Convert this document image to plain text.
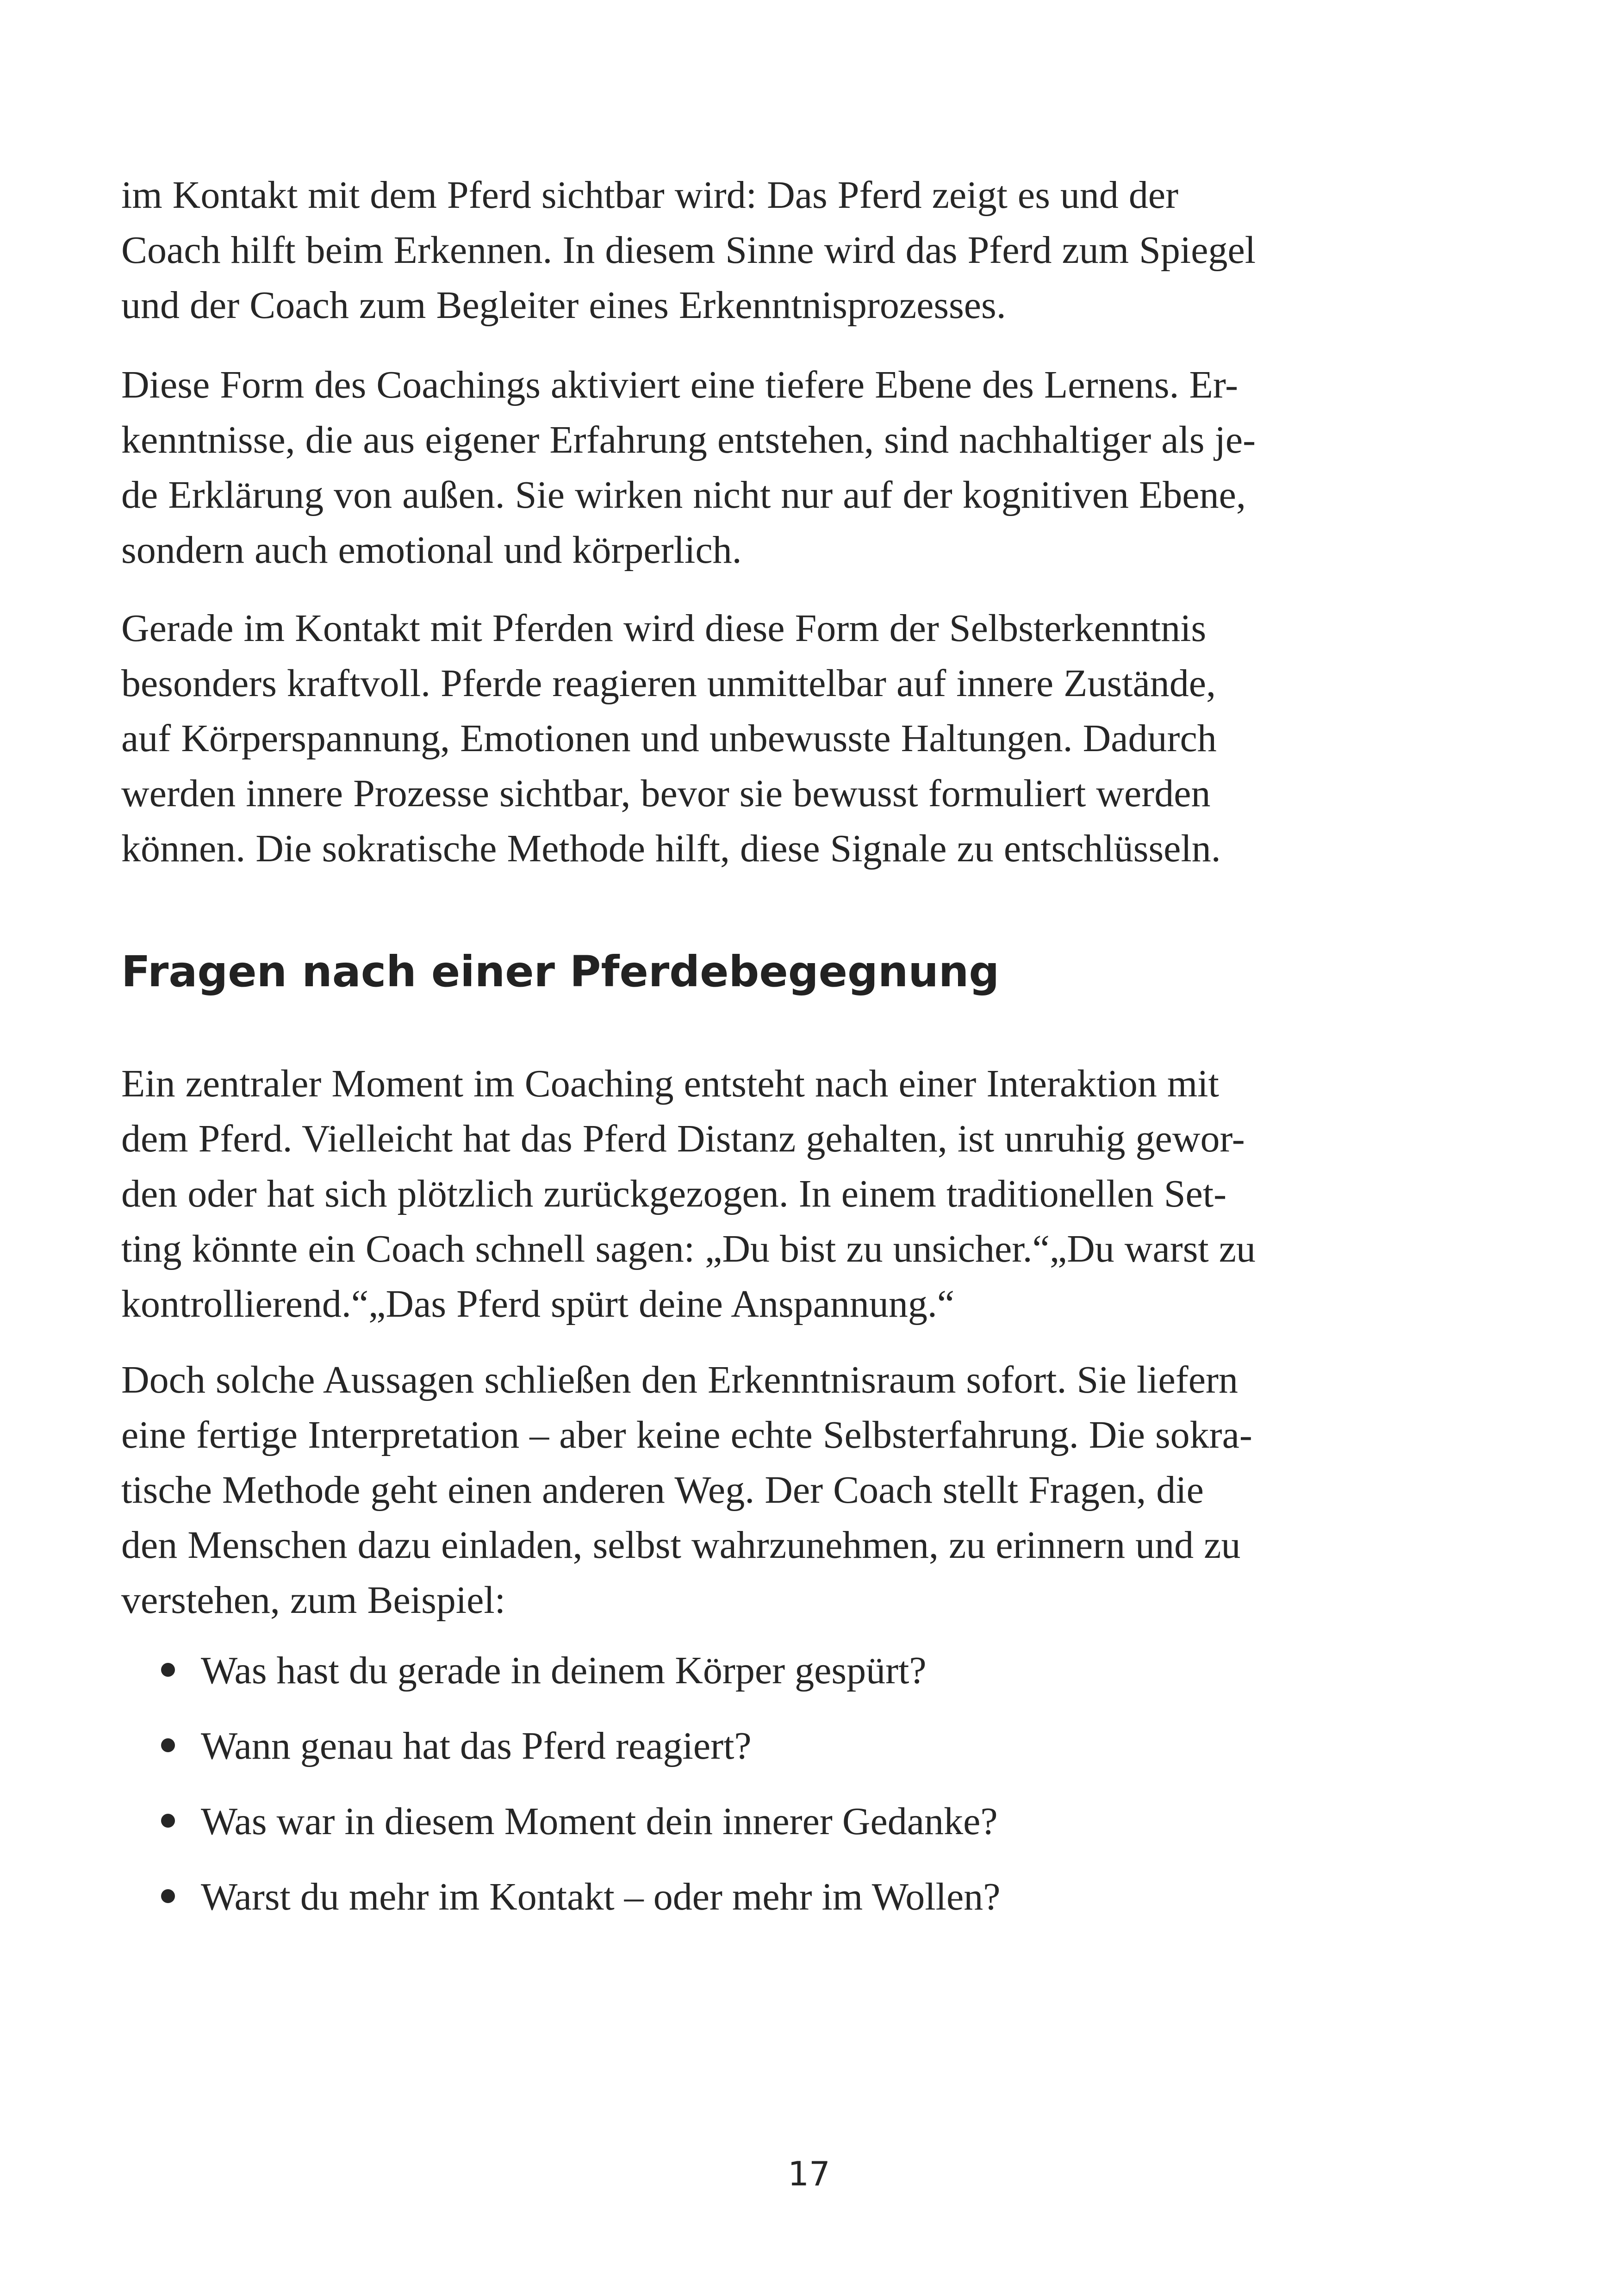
im Kontakt mit dem Pferd sichtbar wird: Das Pferd zeigt es und der
Coach hilft beim Erkennen. In diesem Sinne wird das Pferd zum Spiegel
und der Coach zum Begleiter eines Erkenntnisprozesses.

Diese Form des Coachings aktiviert eine tiefere Ebene des Lernens. Er-
kenntnisse, die aus eigener Erfahrung entstehen, sind nachhaltiger als je-
de Erklärung von außen. Sie wirken nicht nur auf der kognitiven Ebene,
sondern auch emotional und körperlich.

Gerade im Kontakt mit Pferden wird diese Form der Selbsterkenntnis
besonders kraftvoll. Pferde reagieren unmittelbar auf innere Zustände,
auf Körperspannung, Emotionen und unbewusste Haltungen. Dadurch
werden innere Prozesse sichtbar, bevor sie bewusst formuliert werden
können. Die sokratische Methode hilft, diese Signale zu entschlüsseln.

Fragen nach einer Pferdebegegnung

Ein zentraler Moment im Coaching entsteht nach einer Interaktion mit
dem Pferd. Vielleicht hat das Pferd Distanz gehalten, ist unruhig gewor-
den oder hat sich plötzlich zurückgezogen. In einem traditionellen Set-
ting könnte ein Coach schnell sagen: „Du bist zu unsicher.“„Du warst zu
kontrollierend.“„Das Pferd spürt deine Anspannung.“

Doch solche Aussagen schließen den Erkenntnisraum sofort. Sie liefern
eine fertige Interpretation – aber keine echte Selbsterfahrung. Die sokra-
tische Methode geht einen anderen Weg. Der Coach stellt Fragen, die
den Menschen dazu einladen, selbst wahrzunehmen, zu erinnern und zu
verstehen, zum Beispiel:

Was hast du gerade in deinem Körper gespürt?
Wann genau hat das Pferd reagiert?
Was war in diesem Moment dein innerer Gedanke?
Warst du mehr im Kontakt – oder mehr im Wollen?
17
